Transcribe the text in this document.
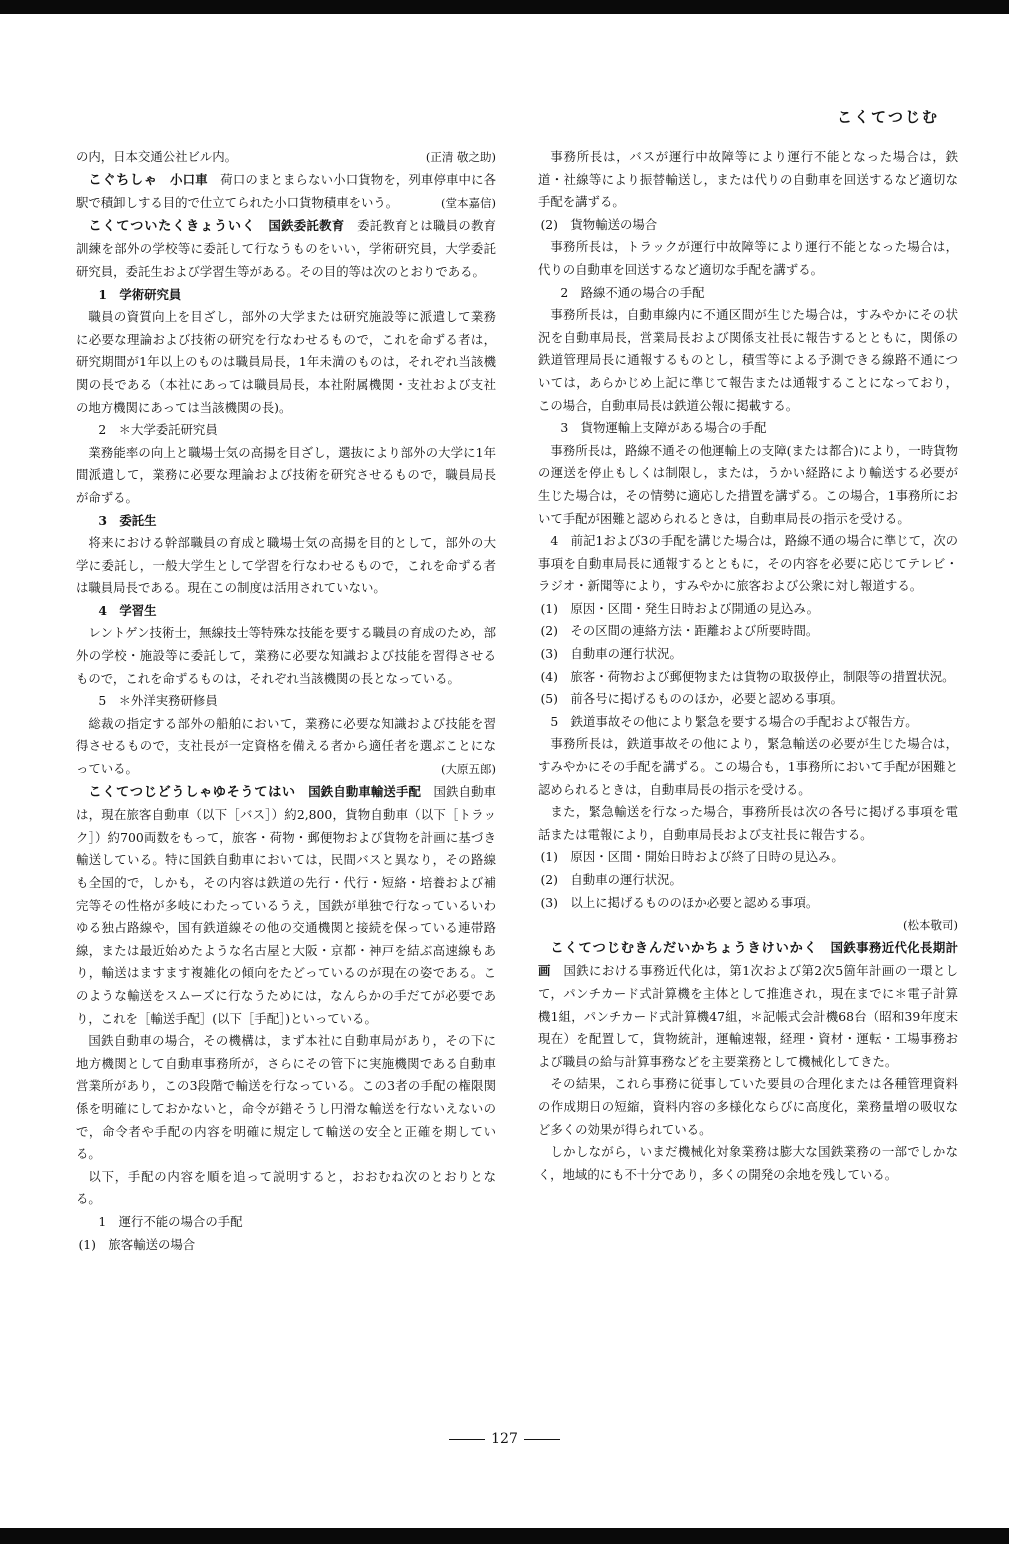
こくてつじむ

の内，日本交通公社ビル内。	(正清 敬之助)

こぐちしゃ　 小口車　 荷口のまとまらない小口貨物を，列車停車中に各駅で積卸しする目的で仕立てられた小口貨物積車をいう。	(堂本嘉信)

こくてついたくきょういく　 国鉄委託教育　 委託教育とは職員の教育訓練を部外の学校等に委託して行なうものをいい，学術研究員，大学委託研究員，委託生および学習生等がある。その目的等は次のとおりである。

1　学術研究員

職員の資質向上を目ざし，部外の大学または研究施設等に派遣して業務に必要な理論および技術の研究を行なわせるもので，これを命ずる者は，研究期間が1年以上のものは職員局長，1年未満のものは，それぞれ当該機関の長である（本社にあっては職員局長，本社附属機関・支社および支社の地方機関にあっては当該機関の長)。

2　＊大学委託研究員

業務能率の向上と職場士気の高揚を目ざし，選抜により部外の大学に1年間派遣して，業務に必要な理論および技術を研究させるもので，職員局長が命ずる。

3　委託生

将来における幹部職員の育成と職場士気の高揚を目的として，部外の大学に委託し，一般大学生として学習を行なわせるもので，これを命ずる者は職員局長である。現在この制度は活用されていない。

4　学習生

レントゲン技術士，無線技士等特殊な技能を要する職員の育成のため，部外の学校・施設等に委託して，業務に必要な知識および技能を習得させるもので，これを命ずるものは，それぞれ当該機関の長となっている。

5　＊外洋実務研修員

総裁の指定する部外の船舶において，業務に必要な知識および技能を習得させるもので，支社長が一定資格を備える者から適任者を選ぶことになっている。	(大原五郎)

こくてつじどうしゃゆそうてはい　 国鉄自動車輸送手配　 国鉄自動車は，現在旅客自動車（以下［バス］）約2,800，貨物自動車（以下［トラック］）約700両数をもって，旅客・荷物・郵便物および貨物を計画に基づき輸送している。特に国鉄自動車においては，民間バスと異なり，その路線も全国的で，しかも，その内容は鉄道の先行・代行・短絡・培養および補完等その性格が多岐にわたっているうえ，国鉄が単独で行なっているいわゆる独占路線や，国有鉄道線その他の交通機関と接続を保っている連帯路線，または最近始めたような名古屋と大阪・京都・神戸を結ぶ高速線もあり，輸送はますます複雑化の傾向をたどっているのが現在の姿である。このような輸送をスムーズに行なうためには，なんらかの手だてが必要であり，これを［輸送手配］(以下［手配］)といっている。

国鉄自動車の場合，その機構は，まず本社に自動車局があり，その下に地方機関として自動車事務所が，さらにその管下に実施機関である自動車営業所があり，この3段階で輸送を行なっている。この3者の手配の権限関係を明確にしておかないと，命令が錯そうし円滑な輸送を行ないえないので，命令者や手配の内容を明確に規定して輸送の安全と正確を期している。

以下，手配の内容を順を追って説明すると，おおむね次のとおりとなる。

1　運行不能の場合の手配

(1)　旅客輸送の場合

事務所長は，バスが運行中故障等により運行不能となった場合は，鉄道・社線等により振替輸送し，または代りの自動車を回送するなど適切な手配を講ずる。

(2)　貨物輸送の場合

事務所長は，トラックが運行中故障等により運行不能となった場合は，代りの自動車を回送するなど適切な手配を講ずる。

2　路線不通の場合の手配

事務所長は，自動車線内に不通区間が生じた場合は，すみやかにその状況を自動車局長，営業局長および関係支社長に報告するとともに，関係の鉄道管理局長に通報するものとし，積雪等による予測できる線路不通については，あらかじめ上記に準じて報告または通報することになっており，この場合，自動車局長は鉄道公報に掲載する。

3　貨物運輸上支障がある場合の手配

事務所長は，路線不通その他運輸上の支障(または都合)により，一時貨物の運送を停止もしくは制限し，または，うかい経路により輸送する必要が生じた場合は，その情勢に適応した措置を講ずる。この場合，1事務所において手配が困難と認められるときは，自動車局長の指示を受ける。

4　前記1および3の手配を講じた場合は，路線不通の場合に準じて，次の事項を自動車局長に通報するとともに，その内容を必要に応じてテレビ・ラジオ・新聞等により，すみやかに旅客および公衆に対し報道する。

(1)　原因・区間・発生日時および開通の見込み。

(2)　その区間の連絡方法・距離および所要時間。

(3)　自動車の運行状況。

(4)　旅客・荷物および郵便物または貨物の取扱停止，制限等の措置状況。

(5)　前各号に掲げるもののほか，必要と認める事項。

5　鉄道事故その他により緊急を要する場合の手配および報告方。

事務所長は，鉄道事故その他により，緊急輸送の必要が生じた場合は，すみやかにその手配を講ずる。この場合も，1事務所において手配が困難と認められるときは，自動車局長の指示を受ける。

また，緊急輸送を行なった場合，事務所長は次の各号に掲げる事項を電話または電報により，自動車局長および支社長に報告する。

(1)　原因・区間・開始日時および終了日時の見込み。

(2)　自動車の運行状況。

(3)　以上に掲げるもののほか必要と認める事項。

(松本敬司)

こくてつじむきんだいかちょうきけいかく　 国鉄事務近代化長期計画　 国鉄における事務近代化は，第1次および第2次5箇年計画の一環として，パンチカード式計算機を主体として推進され，現在までに＊電子計算機1組，パンチカード式計算機47組，＊記帳式会計機68台（昭和39年度末現在）を配置して，貨物統計，運輸速報，経理・資材・運転・工場事務および職員の給与計算事務などを主要業務として機械化してきた。

その結果，これら事務に従事していた要員の合理化または各種管理資料の作成期日の短縮，資料内容の多様化ならびに高度化，業務量増の吸収など多くの効果が得られている。

しかしながら，いまだ機械化対象業務は膨大な国鉄業務の一部でしかなく，地域的にも不十分であり，多くの開発の余地を残している。

127
